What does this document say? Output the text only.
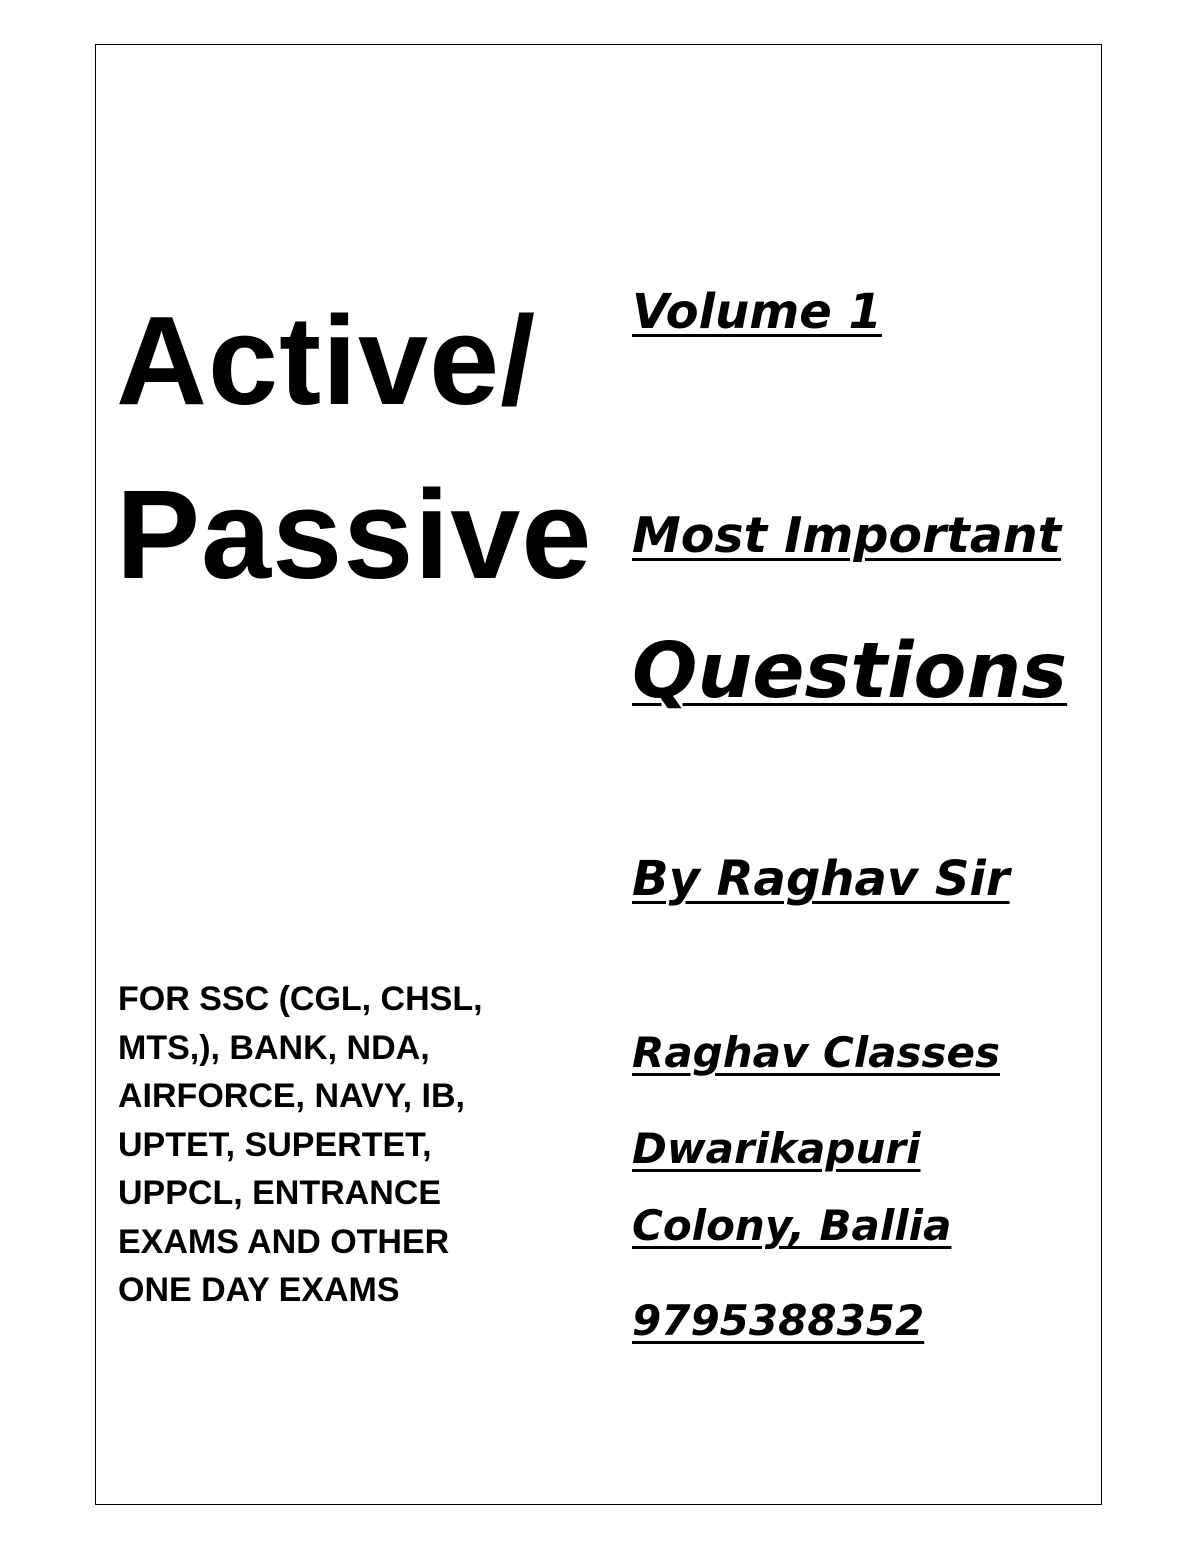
Active/
Passive

FOR SSC (CGL, CHSL,
MTS,), BANK, NDA,
AIRFORCE, NAVY, IB,
UPTET, SUPERTET,
UPPCL, ENTRANCE
EXAMS AND OTHER
ONE DAY EXAMS

Volume 1

Most Important

Questions

By Raghav Sir

Raghav Classes

Dwarikapuri

Colony, Ballia

9795388352
